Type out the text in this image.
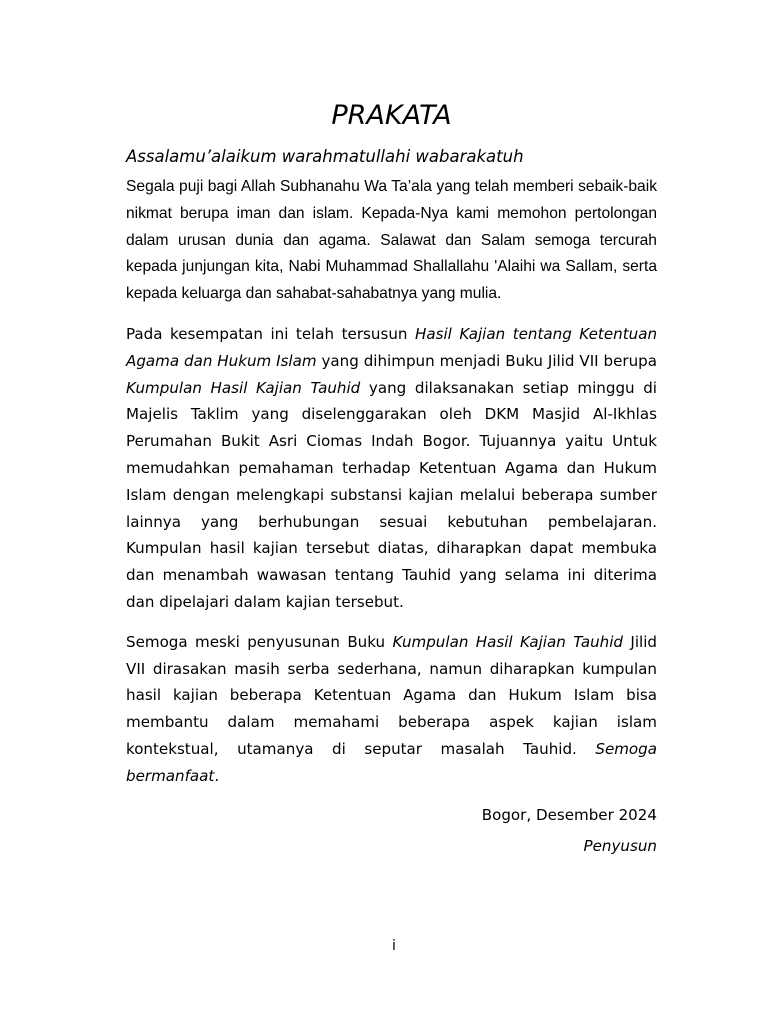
PRAKATA

Assalamu’alaikum warahmatullahi wabarakatuh

Segala puji bagi Allah Subhanahu Wa Ta’ala yang telah memberi sebaik-baik nikmat berupa iman dan islam. Kepada-Nya kami memohon pertolongan dalam urusan dunia dan agama. Salawat dan Salam semoga tercurah kepada junjungan kita, Nabi Muhammad Shallallahu 'Alaihi wa Sallam, serta kepada keluarga dan sahabat-sahabatnya yang mulia.

Pada kesempatan ini telah tersusun Hasil Kajian tentang Ketentuan Agama dan Hukum Islam yang dihimpun menjadi Buku Jilid VII berupa Kumpulan Hasil Kajian Tauhid yang dilaksanakan setiap minggu di Majelis Taklim yang diselenggarakan oleh DKM Masjid Al-Ikhlas Perumahan Bukit Asri Ciomas Indah Bogor. Tujuannya yaitu Untuk memudahkan pemahaman terhadap Ketentuan Agama dan Hukum Islam dengan melengkapi substansi kajian melalui beberapa sumber lainnya yang berhubungan sesuai kebutuhan pembelajaran. Kumpulan hasil kajian tersebut diatas, diharapkan dapat membuka dan menambah wawasan tentang Tauhid yang selama ini diterima dan dipelajari dalam kajian tersebut.

Semoga meski penyusunan Buku Kumpulan Hasil Kajian Tauhid Jilid VII dirasakan masih serba sederhana, namun diharapkan kumpulan hasil kajian beberapa Ketentuan Agama dan Hukum Islam bisa membantu dalam memahami beberapa aspek kajian islam kontekstual, utamanya di seputar masalah Tauhid. Semoga bermanfaat.

Bogor, Desember 2024

Penyusun

i
